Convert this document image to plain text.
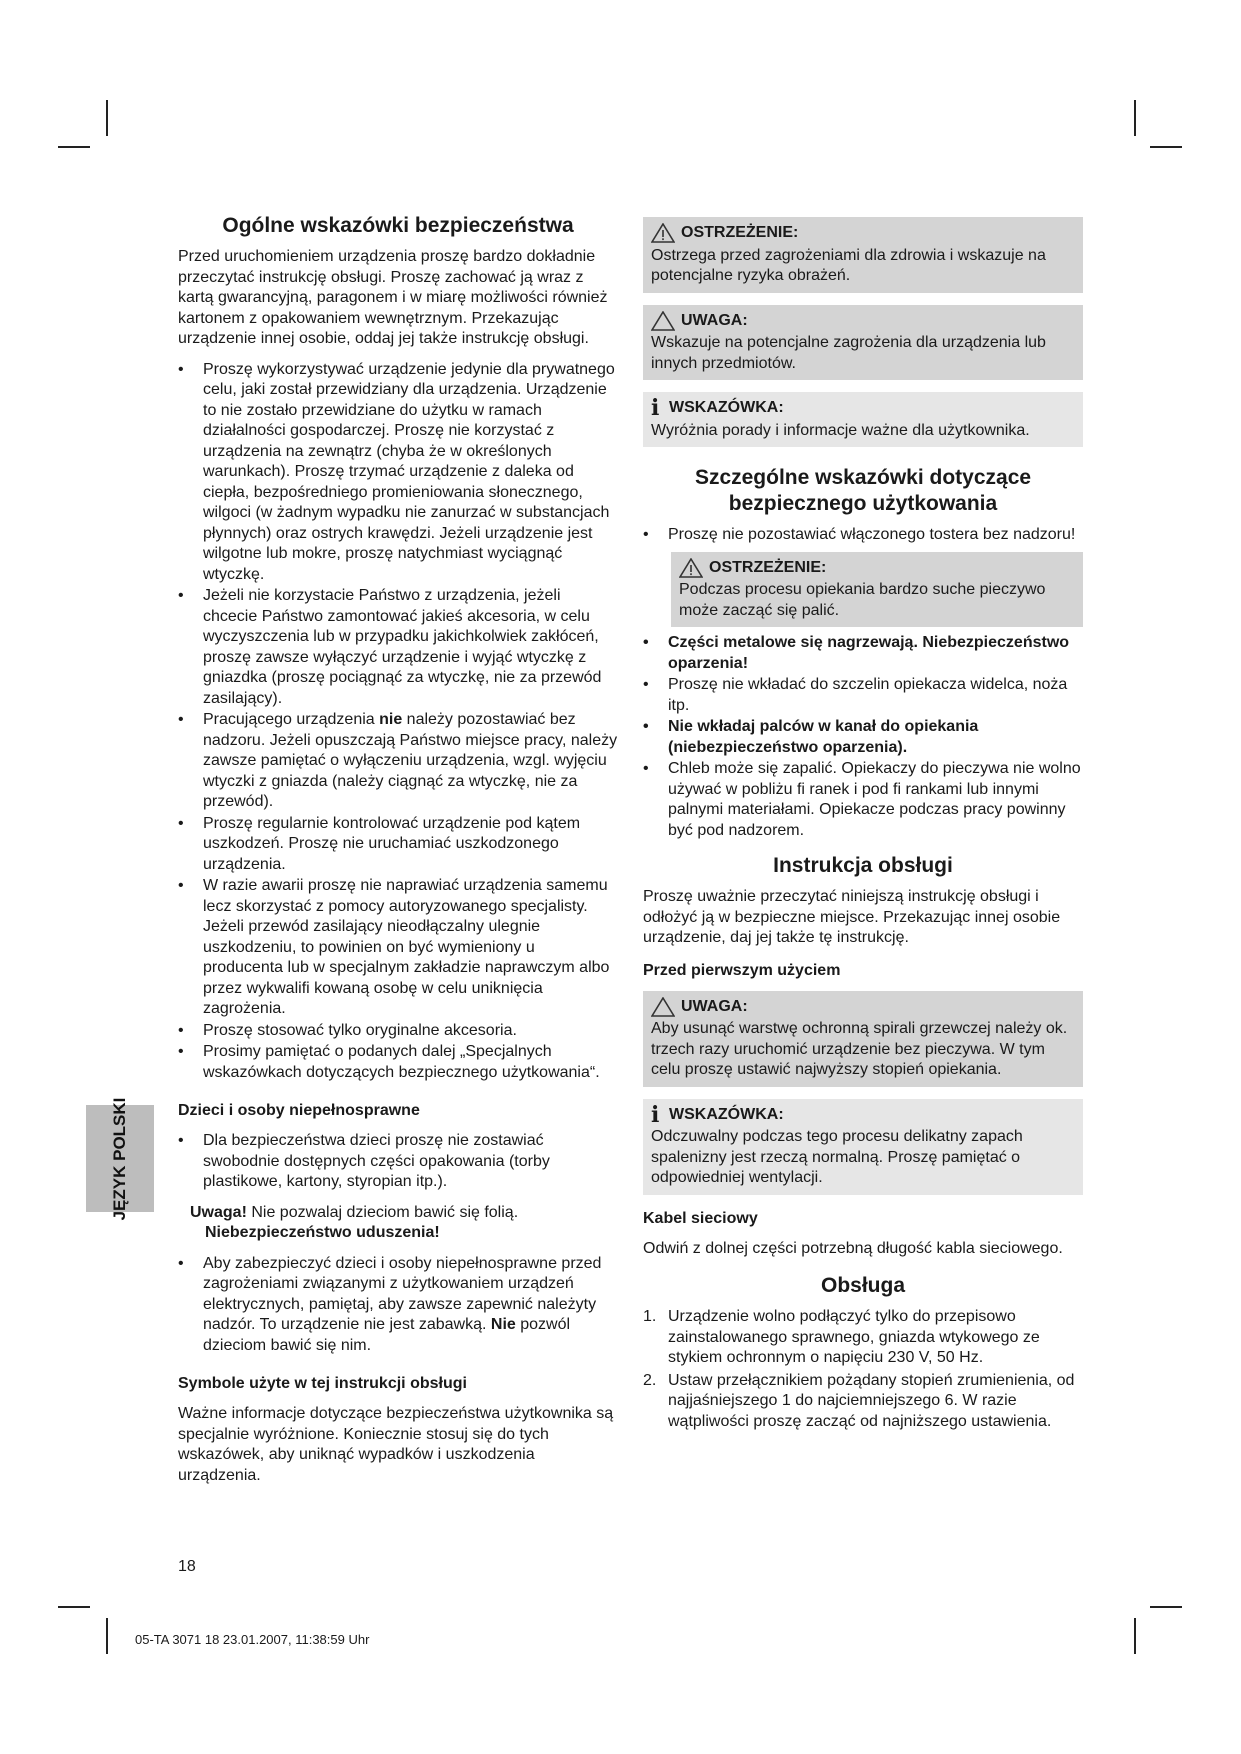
JĘZYK POLSKI
Ogólne wskazówki bezpieczeństwa

Przed uruchomieniem urządzenia proszę bardzo dokładnie przeczytać instrukcję obsługi. Proszę zachować ją wraz z kartą gwarancyjną, paragonem i w miarę możliwości również kartonem z opakowaniem wewnętrznym. Przekazując urządzenie innej osobie, oddaj jej także instrukcję obsługi.

• Proszę wykorzystywać urządzenie jedynie dla prywatnego celu, jaki został przewidziany dla urządzenia. Urządzenie to nie zostało przewidziane do użytku w ramach działalności gospodarczej. Proszę nie korzystać z urządzenia na zewnątrz (chyba że w określonych warunkach). Proszę trzymać urządzenie z daleka od ciepła, bezpośredniego promieniowania słonecznego, wilgoci (w żadnym wypadku nie zanurzać w substancjach płynnych) oraz ostrych krawędzi. Jeżeli urządzenie jest wilgotne lub mokre, proszę natychmiast wyciągnąć wtyczkę.
• Jeżeli nie korzystacie Państwo z urządzenia, jeżeli chcecie Państwo zamontować jakieś akcesoria, w celu wyczyszczenia lub w przypadku jakichkolwiek zakłóceń, proszę zawsze wyłączyć urządzenie i wyjąć wtyczkę z gniazdka (proszę pociągnąć za wtyczkę, nie za przewód zasilający).
• Pracującego urządzenia nie należy pozostawiać bez nadzoru. Jeżeli opuszczają Państwo miejsce pracy, należy zawsze pamiętać o wyłączeniu urządzenia, wzgl. wyjęciu wtyczki z gniazda (należy ciągnąć za wtyczkę, nie za przewód).
• Proszę regularnie kontrolować urządzenie pod kątem uszkodzeń. Proszę nie uruchamiać uszkodzonego urządzenia.
• W razie awarii proszę nie naprawiać urządzenia samemu lecz skorzystać z pomocy autoryzowanego specjalisty. Jeżeli przewód zasilający nieodłączalny ulegnie uszkodzeniu, to powinien on być wymieniony u producenta lub w specjalnym zakładzie naprawczym albo przez wykwalifi kowaną osobę w celu uniknięcia zagrożenia.
• Proszę stosować tylko oryginalne akcesoria.
• Prosimy pamiętać o podanych dalej „Specjalnych wskazówkach dotyczących bezpiecznego użytkowania“.
Dzieci i osoby niepełnosprawne
• Dla bezpieczeństwa dzieci proszę nie zostawiać swobodnie dostępnych części opakowania (torby plastikowe, kartony, styropian itp.).

Uwaga! Nie pozwalaj dzieciom bawić się folią.
Niebezpieczeństwo uduszenia!

• Aby zabezpieczyć dzieci i osoby niepełnosprawne przed zagrożeniami związanymi z użytkowaniem urządzeń elektrycznych, pamiętaj, aby zawsze zapewnić należyty nadzór. To urządzenie nie jest zabawką. Nie pozwól dzieciom bawić się nim.
Symbole użyte w tej instrukcji obsługi

Ważne informacje dotyczące bezpieczeństwa użytkownika są specjalnie wyróżnione. Koniecznie stosuj się do tych wskazówek, aby uniknąć wypadków i uszkodzenia urządzenia.

OSTRZEŻENIE:
Ostrzega przed zagrożeniami dla zdrowia i wskazuje na potencjalne ryzyka obrażeń.
UWAGA:
Wskazuje na potencjalne zagrożenia dla urządzenia lub innych przedmiotów.
i WSKAZÓWKA:
Wyróżnia porady i informacje ważne dla użytkownika.
Szczególne wskazówki dotyczące bezpiecznego użytkowania
• Proszę nie pozostawiać włączonego tostera bez nadzoru!
OSTRZEŻENIE:
Podczas procesu opiekania bardzo suche pieczywo może zacząć się palić.
• Części metalowe się nagrzewają. Niebezpieczeństwo oparzenia!
• Proszę nie wkładać do szczelin opiekacza widelca, noża itp.
• Nie wkładaj palców w kanał do opiekania (niebezpieczeństwo oparzenia).
• Chleb może się zapalić. Opiekaczy do pieczywa nie wolno używać w pobliżu fi ranek i pod fi rankami lub innymi palnymi materiałami. Opiekacze podczas pracy powinny być pod nadzorem.
Instrukcja obsługi

Proszę uważnie przeczytać niniejszą instrukcję obsługi i odłożyć ją w bezpieczne miejsce. Przekazując innej osobie urządzenie, daj jej także tę instrukcję.

Przed pierwszym użyciem
UWAGA:
Aby usunąć warstwę ochronną spirali grzewczej należy ok. trzech razy uruchomić urządzenie bez pieczywa. W tym celu proszę ustawić najwyższy stopień opiekania.
i WSKAZÓWKA:
Odczuwalny podczas tego procesu delikatny zapach spalenizny jest rzeczą normalną. Proszę pamiętać o odpowiedniej wentylacji.
Kabel sieciowy

Odwiń z dolnej części potrzebną długość kabla sieciowego.

Obsługa
1. Urządzenie wolno podłączyć tylko do przepisowo zainstalowanego sprawnego, gniazda wtykowego ze stykiem ochronnym o napięciu 230 V, 50 Hz.
2. Ustaw przełącznikiem pożądany stopień zrumienienia, od najjaśniejszego 1 do najciemniejszego 6. W razie wątpliwości proszę zacząć od najniższego ustawienia.
18
05-TA 3071 18 23.01.2007, 11:38:59 Uhr
